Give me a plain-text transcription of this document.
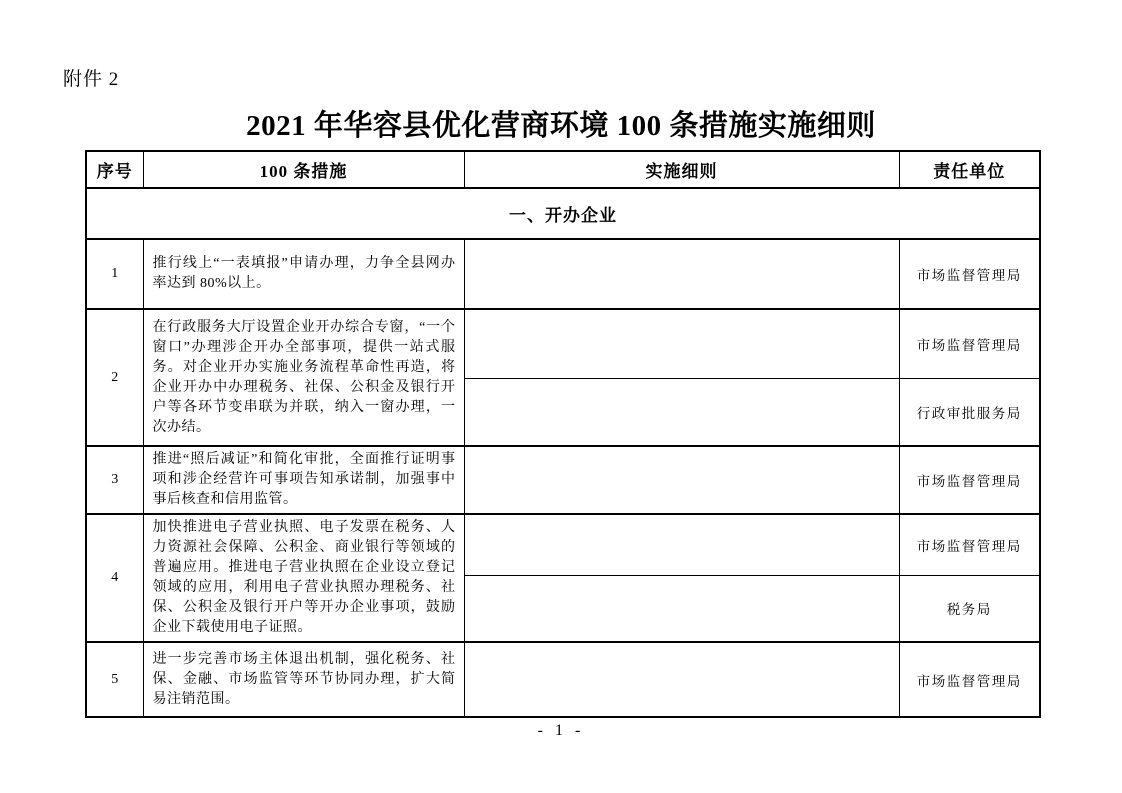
附件 2
2021 年华容县优化营商环境 100 条措施实施细则
序号	100 条措施	实施细则	责任单位
一、开办企业			
1	推行线上“一表填报”申请办理，力争全县网办率达到 80%以上。		市场监督管理局
2	在行政服务大厅设置企业开办综合专窗，“一个窗口”办理涉企开办全部事项，提供一站式服务。对企业开办实施业务流程革命性再造，将企业开办中办理税务、社保、公积金及银行开户等各环节变串联为并联，纳入一窗办理，一次办结。		市场监督管理局
			行政审批服务局
3	推进“照后减证”和简化审批，全面推行证明事项和涉企经营许可事项告知承诺制，加强事中事后核查和信用监管。		市场监督管理局
4	加快推进电子营业执照、电子发票在税务、人力资源社会保障、公积金、商业银行等领域的普遍应用。推进电子营业执照在企业设立登记领域的应用，利用电子营业执照办理税务、社保、公积金及银行开户等开办企业事项，鼓励企业下载使用电子证照。		市场监督管理局
			税务局
5	进一步完善市场主体退出机制，强化税务、社保、金融、市场监管等环节协同办理，扩大简易注销范围。		市场监督管理局
- 1 -
